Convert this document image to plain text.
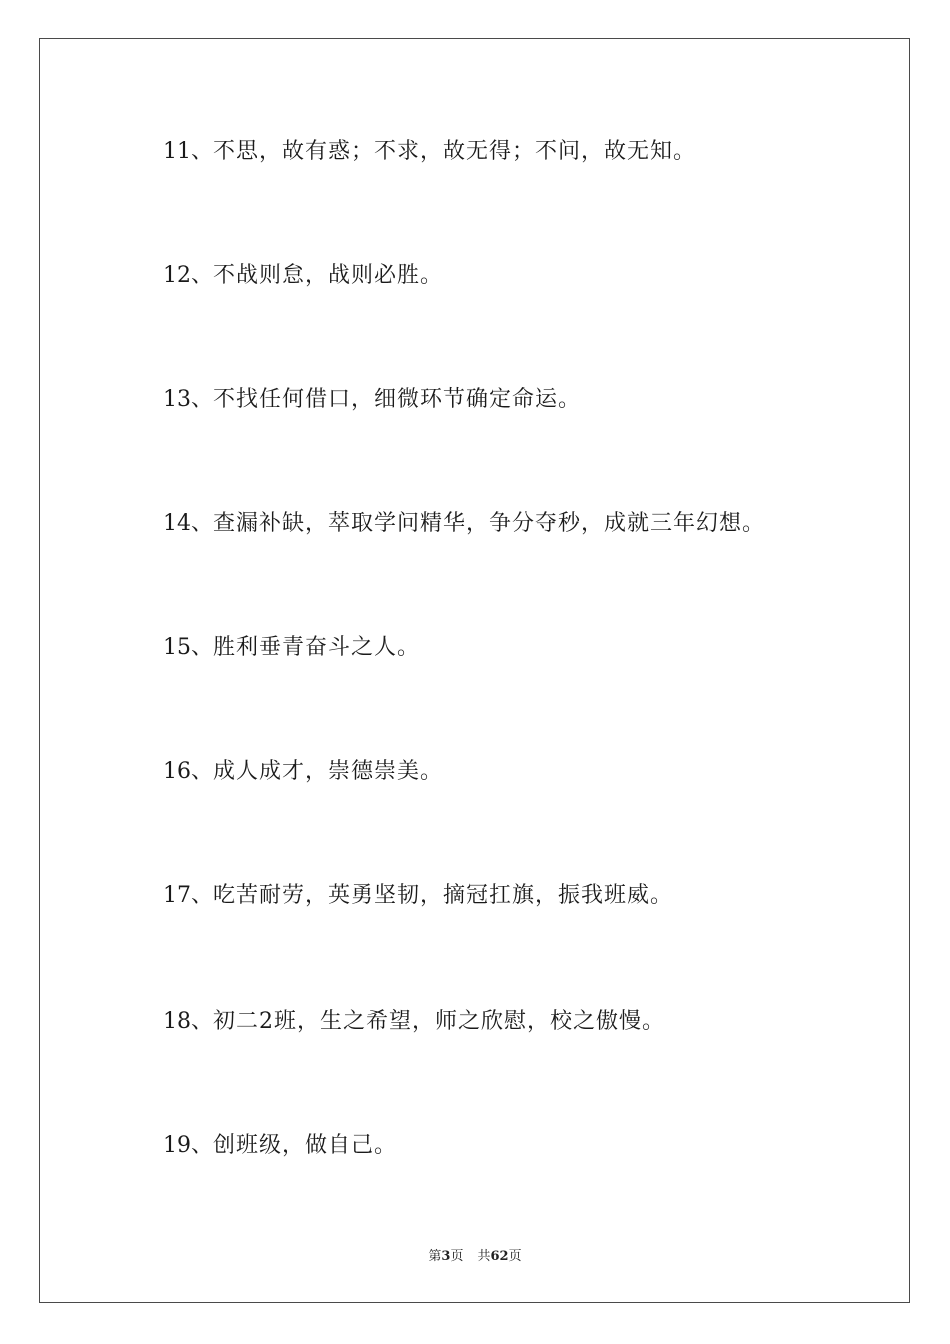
11、不思，故有惑；不求，故无得；不问，故无知。
12、不战则怠，战则必胜。
13、不找任何借口，细微环节确定命运。
14、查漏补缺，萃取学问精华，争分夺秒，成就三年幻想。
15、胜利垂青奋斗之人。
16、成人成才，崇德崇美。
17、吃苦耐劳，英勇坚韧，摘冠扛旗，振我班威。
18、初二2班，生之希望，师之欣慰，校之傲慢。
19、创班级，做自己。
第3页 共62页
